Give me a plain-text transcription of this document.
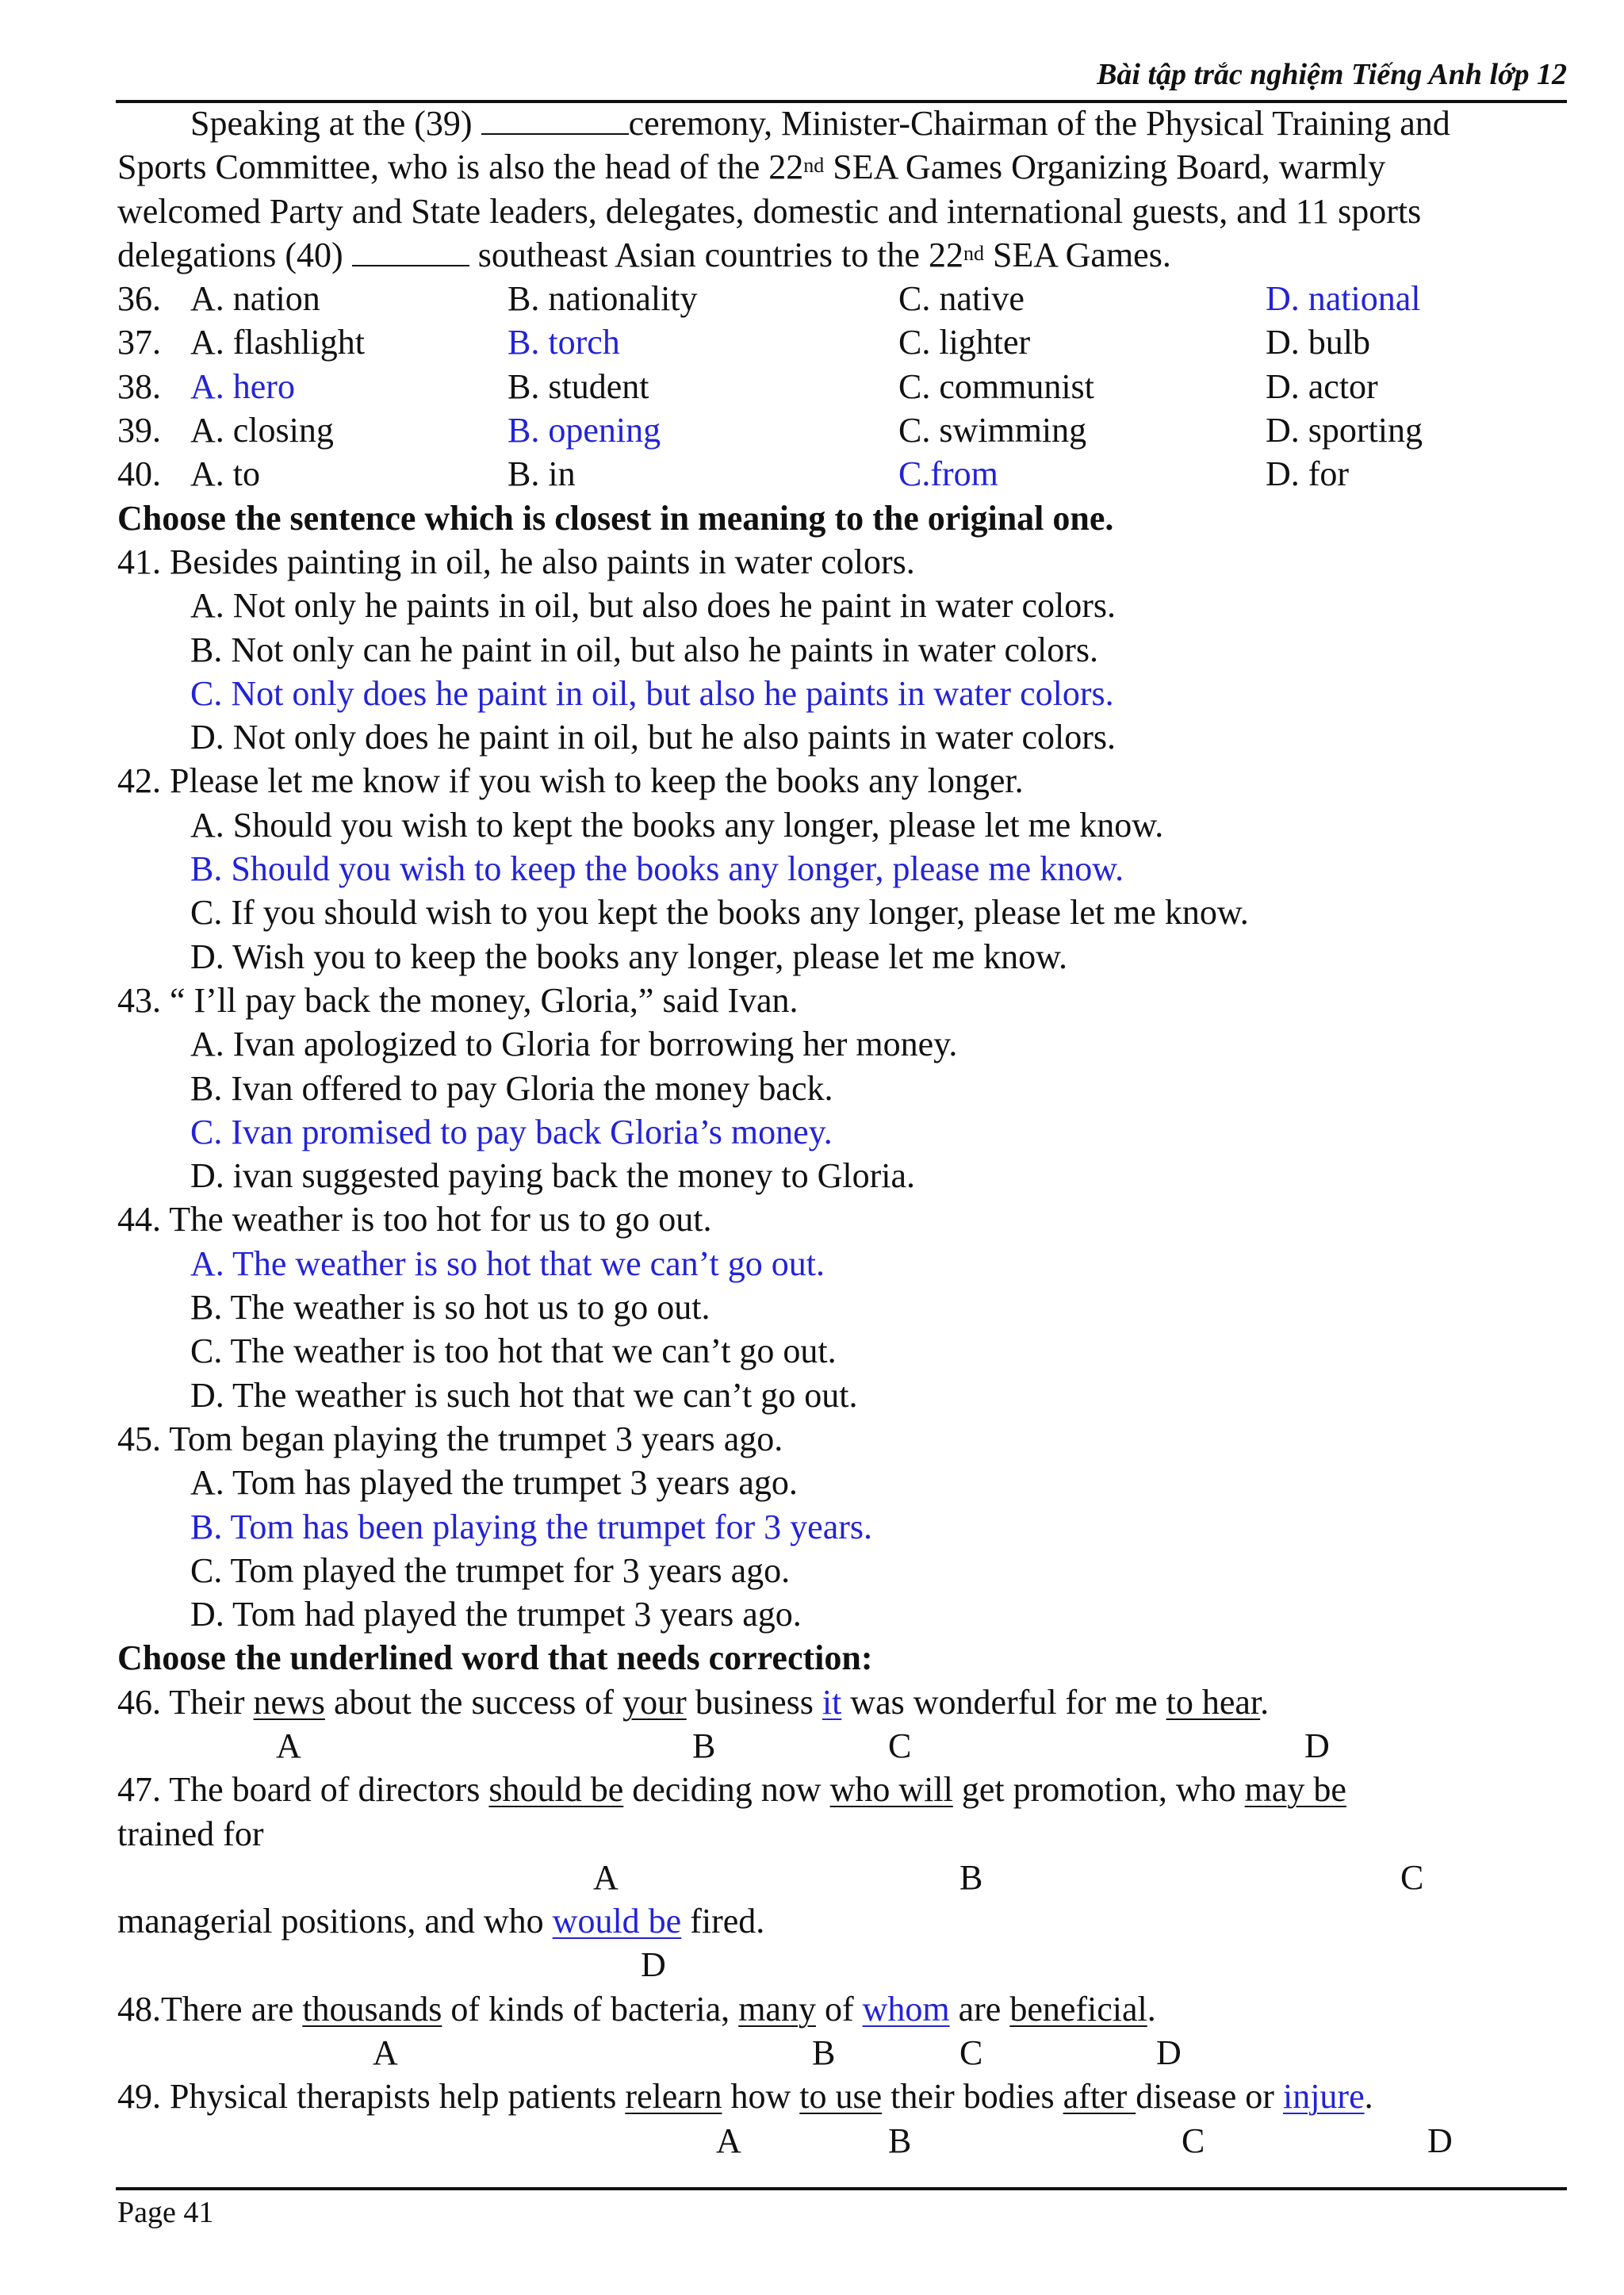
Bài tập trắc nghiệm Tiếng Anh lớp 12
Speaking at the (39)	ceremony, Minister-Chairman of the Physical Training and
Sports Committee, who is also the head of the 22nd SEA Games Organizing Board, warmly
welcomed Party and State leaders, delegates, domestic and international guests, and 11 sports
delegations (40)	southeast Asian countries to the 22nd SEA Games.
36. A. nation	B. nationality	C. native	D. national
37. A. flashlight	B. torch	C. lighter	D. bulb
38. A. hero	B. student	C. communist	D. actor
39. A. closing	B. opening	C. swimming	D. sporting
40. A. to	B. in	C.from	D. for
Choose the sentence which is closest in meaning to the original one.
41. Besides painting in oil, he also paints in water colors.
A. Not only he paints in oil, but also does he paint in water colors.
B. Not only can he paint in oil, but also he paints in water colors.
C. Not only does he paint in oil, but also he paints in water colors.
D. Not only does he paint in oil, but he also paints in water colors.
42. Please let me know if you wish to keep the books any longer.
A. Should you wish to kept the books any longer, please let me know.
B. Should you wish to keep the books any longer, please me know.
C. If you should wish to you kept the books any longer, please let me know.
D. Wish you to keep the books any longer, please let me know.
43. “ I’ll pay back the money, Gloria,” said Ivan.
A. Ivan apologized to Gloria for borrowing her money.
B. Ivan offered to pay Gloria the money back.
C. Ivan promised to pay back Gloria’s money.
D. ivan suggested paying back the money to Gloria.
44. The weather is too hot for us to go out.
A. The weather is so hot that we can’t go out.
B. The weather is so hot us to go out.
C. The weather is too hot that we can’t go out.
D. The weather is such hot that we can’t go out.
45. Tom began playing the trumpet 3 years ago.
A. Tom has played the trumpet 3 years ago.
B. Tom has been playing the trumpet for 3 years.
C. Tom played the trumpet for 3 years ago.
D. Tom had played the trumpet 3 years ago.
Choose the underlined word that needs correction:
46. Their news about the success of your business it was wonderful for me to hear.
A	B	C	D
47. The board of directors should be deciding now who will get promotion, who may be
trained for
A	B	C
managerial positions, and who would be fired.
D
48.There are thousands of kinds of bacteria, many of whom are beneficial.
A	B	C	D
49. Physical therapists help patients relearn how to use their bodies after disease or injure.
A	B	C	D
Page 41
